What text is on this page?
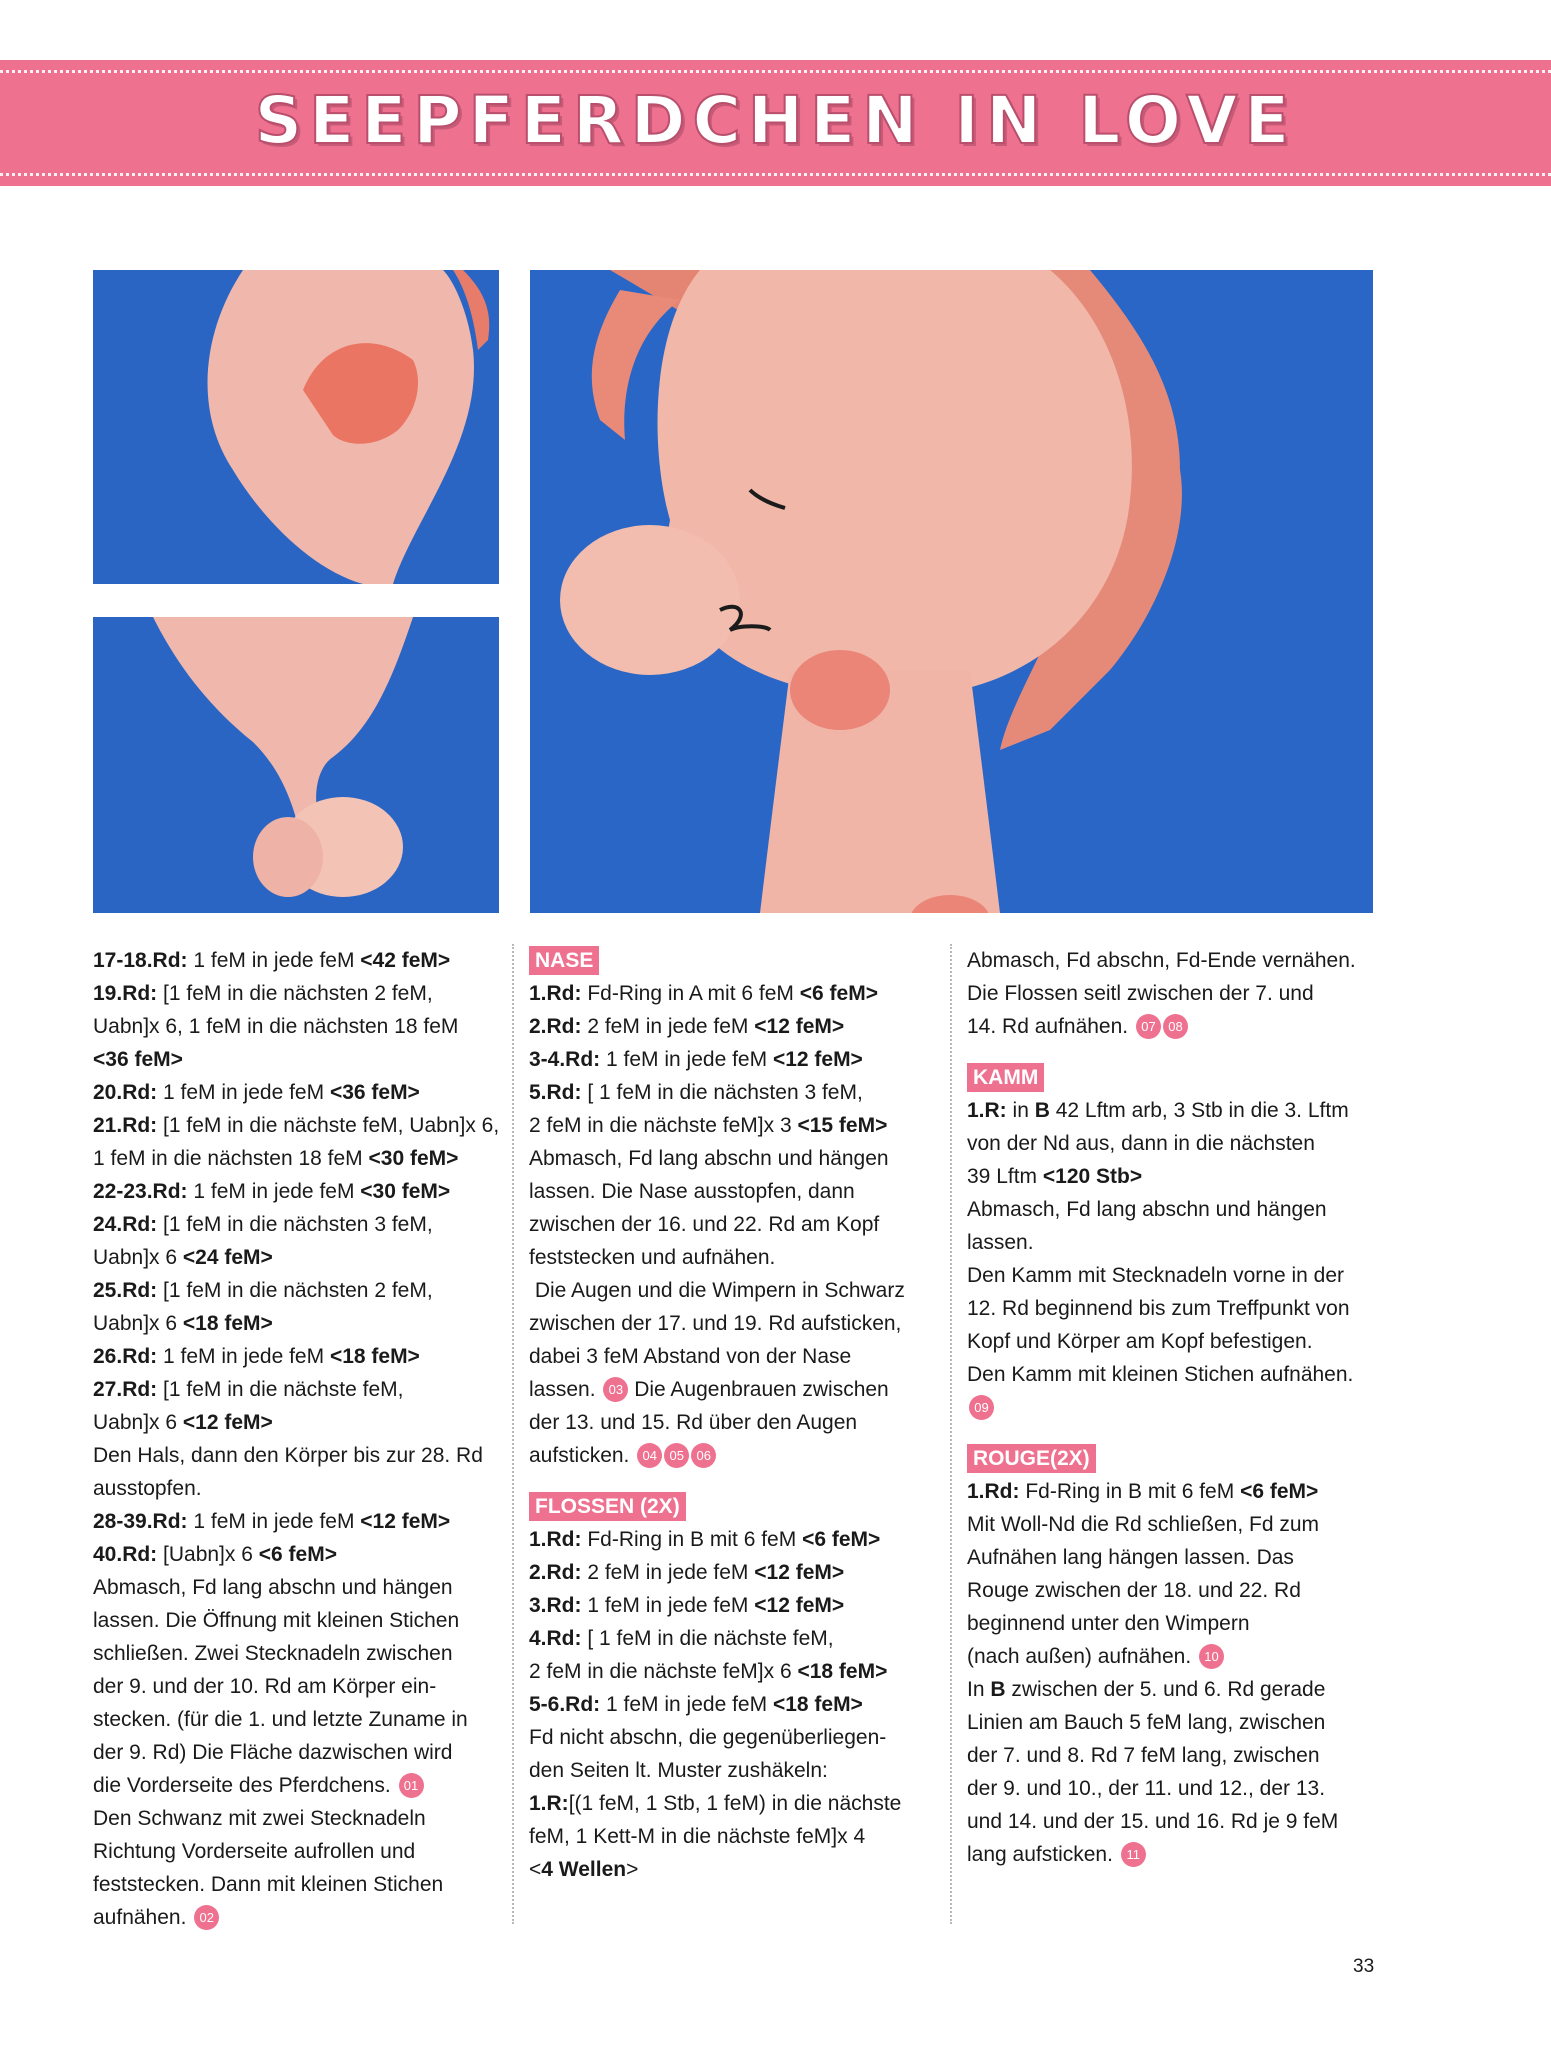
SEEPFERDCHEN IN LOVE

17-18.Rd: 1 feM in jede feM <42 feM>

19.Rd: [1 feM in die nächsten 2 feM,

Uabn]x 6, 1 feM in die nächsten 18 feM

<36 feM>

20.Rd: 1 feM in jede feM <36 feM>

21.Rd: [1 feM in die nächste feM, Uabn]x 6,

1 feM in die nächsten 18 feM <30 feM>

22-23.Rd: 1 feM in jede feM <30 feM>

24.Rd: [1 feM in die nächsten 3 feM,

Uabn]x 6 <24 feM>

25.Rd: [1 feM in die nächsten 2 feM,

Uabn]x 6 <18 feM>

26.Rd: 1 feM in jede feM <18 feM>

27.Rd: [1 feM in die nächste feM,

Uabn]x 6 <12 feM>

Den Hals, dann den Körper bis zur 28. Rd

ausstopfen.

28-39.Rd: 1 feM in jede feM <12 feM>

40.Rd: [Uabn]x 6 <6 feM>

Abmasch, Fd lang abschn und hängen

lassen. Die Öffnung mit kleinen Stichen

schließen. Zwei Stecknadeln zwischen

der 9. und der 10. Rd am Körper ein-

stecken. (für die 1. und letzte Zuname in

der 9. Rd) Die Fläche dazwischen wird

die Vorderseite des Pferdchens. 01

Den Schwanz mit zwei Stecknadeln

Richtung Vorderseite aufrollen und

feststecken. Dann mit kleinen Stichen

aufnähen. 02

NASE

1.Rd: Fd-Ring in A mit 6 feM <6 feM>

2.Rd: 2 feM in jede feM <12 feM>

3-4.Rd: 1 feM in jede feM <12 feM>

5.Rd: [ 1 feM in die nächsten 3 feM,

2 feM in die nächste feM]x 3 <15 feM>

Abmasch, Fd lang abschn und hängen

lassen. Die Nase ausstopfen, dann

zwischen der 16. und 22. Rd am Kopf

feststecken und aufnähen.

Die Augen und die Wimpern in Schwarz

zwischen der 17. und 19. Rd aufsticken,

dabei 3 feM Abstand von der Nase

lassen. 03 Die Augenbrauen zwischen

der 13. und 15. Rd über den Augen

aufsticken. 04 05 06

FLOSSEN (2X)

1.Rd: Fd-Ring in B mit 6 feM <6 feM>

2.Rd: 2 feM in jede feM <12 feM>

3.Rd: 1 feM in jede feM <12 feM>

4.Rd: [ 1 feM in die nächste feM,

2 feM in die nächste feM]x 6 <18 feM>

5-6.Rd: 1 feM in jede feM <18 feM>

Fd nicht abschn, die gegenüberliegen-

den Seiten lt. Muster zushäkeln:

1.R:[(1 feM, 1 Stb, 1 feM) in die nächste

feM, 1 Kett-M in die nächste feM]x 4

<4 Wellen>

Abmasch, Fd abschn, Fd-Ende vernähen.

Die Flossen seitl zwischen der 7. und

14. Rd aufnähen. 07 08

KAMM

1.R: in B 42 Lftm arb, 3 Stb in die 3. Lftm

von der Nd aus, dann in die nächsten

39 Lftm <120 Stb>

Abmasch, Fd lang abschn und hängen

lassen.

Den Kamm mit Stecknadeln vorne in der

12. Rd beginnend bis zum Treffpunkt von

Kopf und Körper am Kopf befestigen.

Den Kamm mit kleinen Stichen aufnähen.

09

ROUGE(2X)

1.Rd: Fd-Ring in B mit 6 feM <6 feM>

Mit Woll-Nd die Rd schließen, Fd zum

Aufnähen lang hängen lassen. Das

Rouge zwischen der 18. und 22. Rd

beginnend unter den Wimpern

(nach außen) aufnähen. 10

In B zwischen der 5. und 6. Rd gerade

Linien am Bauch 5 feM lang, zwischen

der 7. und 8. Rd 7 feM lang, zwischen

der 9. und 10., der 11. und 12., der 13.

und 14. und der 15. und 16. Rd je 9 feM

lang aufsticken. 11

33
